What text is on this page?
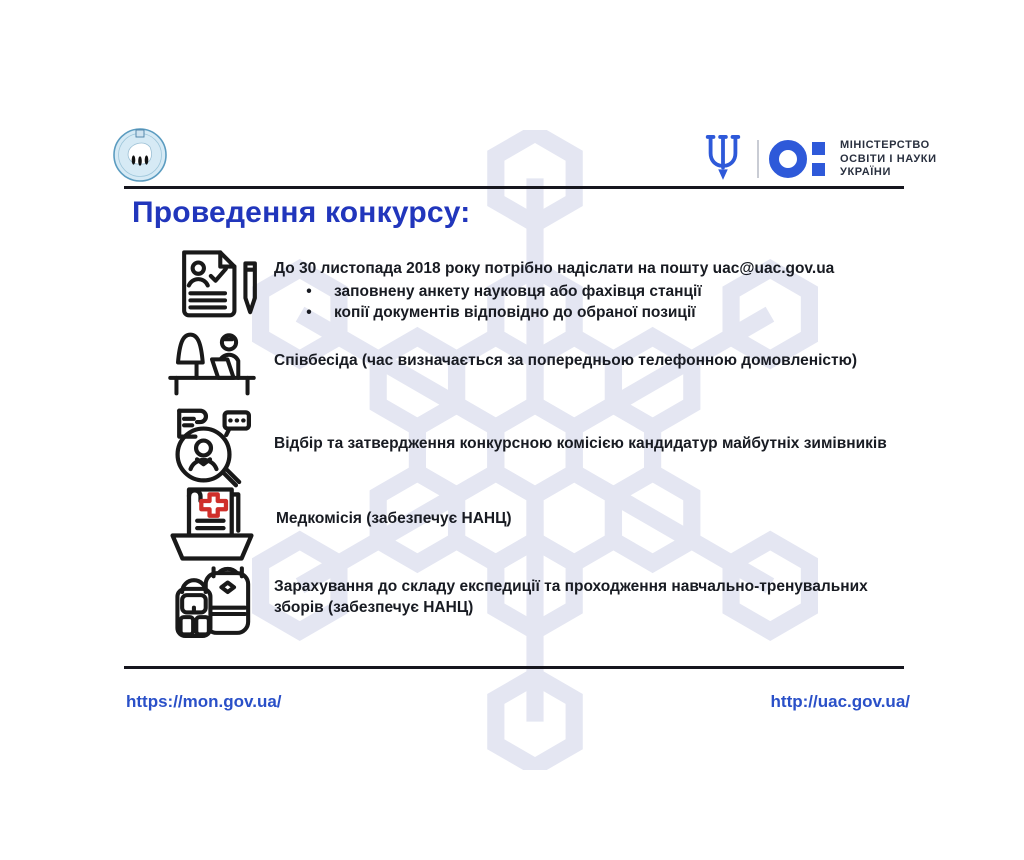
МІНІСТЕРСТВО
ОСВІТИ І НАУКИ
УКРАЇНИ
Проведення конкурсу:
До 30 листопада 2018 року потрібно надіслати на пошту uac@uac.gov.ua
• заповнену анкету науковця або фахівця станції
• копії документів відповідно до обраної позиції
Співбесіда (час визначається за попередньою телефонною домовленістю)
Відбір та затвердження конкурсною комісією кандидатур майбутніх зимівників
Медкомісія (забезпечує НАНЦ)
Зарахування до складу експедиції та проходження навчально-тренувальних зборів (забезпечує НАНЦ)
https://mon.gov.ua/	http://uac.gov.ua/
